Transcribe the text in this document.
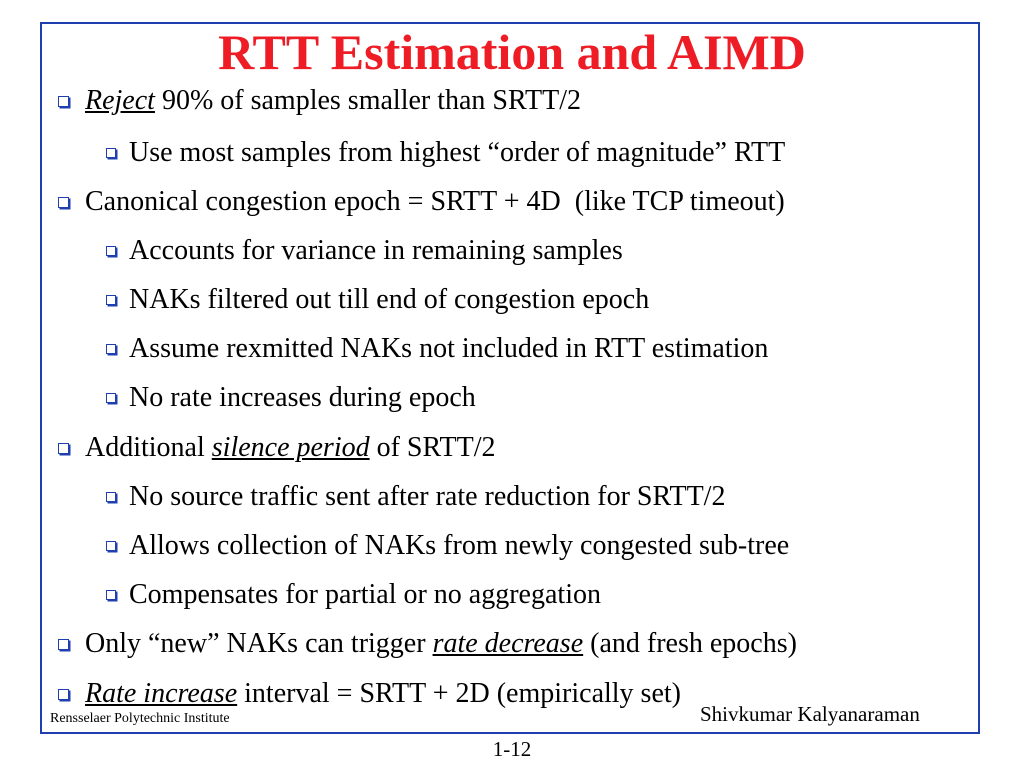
RTT Estimation and AIMD
Reject 90% of samples smaller than SRTT/2
Use most samples from highest “order of magnitude” RTT
Canonical congestion epoch = SRTT + 4D  (like TCP timeout)
Accounts for variance in remaining samples
NAKs filtered out till end of congestion epoch
Assume rexmitted NAKs not included in RTT estimation
No rate increases during epoch
Additional silence period of SRTT/2
No source traffic sent after rate reduction for SRTT/2
Allows collection of NAKs from newly congested sub-tree
Compensates for partial or no aggregation
Only “new” NAKs can trigger rate decrease (and fresh epochs)
Rate increase interval = SRTT + 2D (empirically set)
Rensselaer Polytechnic Institute	Shivkumar Kalyanaraman
1-12
